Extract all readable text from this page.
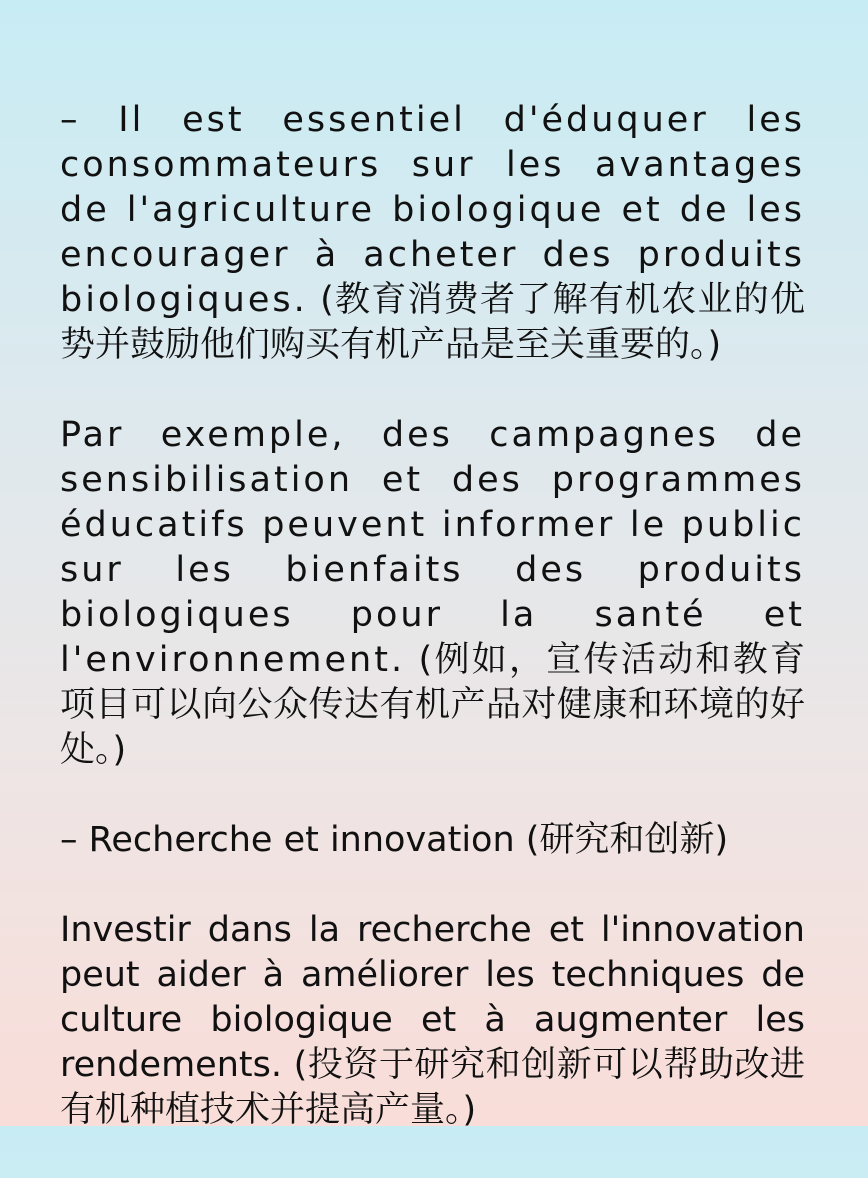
– Il est essentiel d'éduquer les consommateurs sur les avantages de l'agriculture biologique et de les encourager à acheter des produits biologiques. (教育消费者了解有机农业的优势并鼓励他们购买有机产品是至关重要的。)

Par exemple, des campagnes de sensibilisation et des programmes éducatifs peuvent informer le public sur les bienfaits des produits biologiques pour la santé et l'environnement. (例如，宣传活动和教育项目可以向公众传达有机产品对健康和环境的好处。)

– Recherche et innovation (研究和创新)

Investir dans la recherche et l'innovation peut aider à améliorer les techniques de culture biologique et à augmenter les rendements. (投资于研究和创新可以帮助改进有机种植技术并提高产量。)
